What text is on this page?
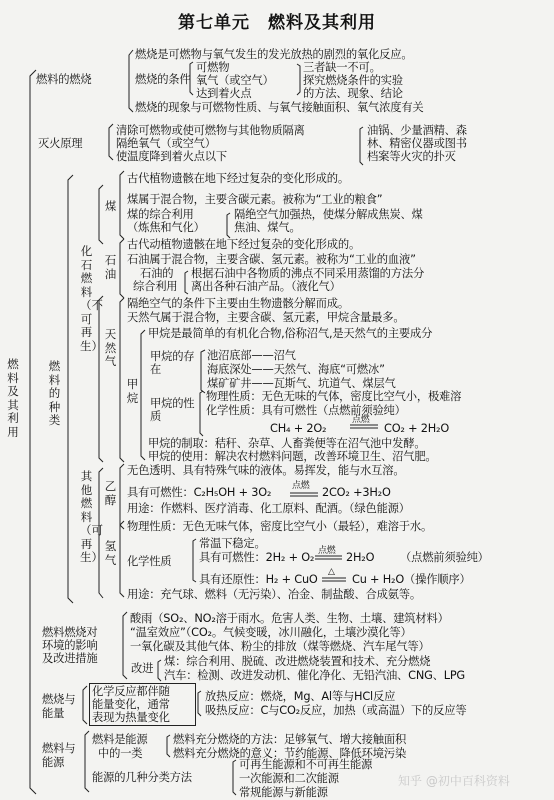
第七单元　燃料及其利用
燃料及其利用
燃料的燃烧
燃烧是可燃物与氧气发生的发光放热的剧烈的氧化反应。
燃烧的条件
可燃物
氧气（或空气）
达到着火点
三者缺一不可。
探究燃烧条件的实验
的方法、现象、结论
燃烧的现象与可燃物性质、与氧气接触面积、氧气浓度有关
灭火原理
清除可燃物或使可燃物与其他物质隔离
隔绝氧气（或空气）
使温度降到着火点以下
油锅、少量酒精、森
林、精密仪器或图书
档案等火灾的扑灭
燃料的种类
化石燃料（不可再生）
煤
古代植物遗骸在地下经过复杂的变化形成的。
煤属于混合物，主要含碳元素。被称为“工业的粮食”
煤的综合利用
（炼焦和气化）
隔绝空气加强热，使煤分解成焦炭、煤
焦油、煤气。
石油
古代动植物遗骸在地下经过复杂的变化形成的。
石油属于混合物，主要含碳、氢元素。被称为“工业的血液”
石油的
综合利用
根据石油中各物质的沸点不同采用蒸馏的方法分
离出各种石油产品。（液化气）
天然气
隔绝空气的条件下主要由生物遗骸分解而成。
天然气属于混合物，主要含碳、氢元素，甲烷含量最多。
甲烷
甲烷是最简单的有机化合物,俗称沼气,是天然气的主要成分
甲烷的存在
池沼底部——沼气
海底深处——天然气、海底“可燃冰”
煤矿矿井——瓦斯气、坑道气、煤层气
甲烷的性质
物理性质：无色无味的气体，密度比空气小，极难溶
化学性质：具有可燃性（点燃前须验纯）
CH₄ + 2O₂
点燃
CO₂ + 2H₂O
甲烷的制取：秸秆、杂草、人畜粪便等在沼气池中发酵。
甲烷的使用：解决农村燃料问题，改善环境卫生、沼气肥。
其他燃料（可再生）
乙醇
无色透明、具有特殊气味的液体。易挥发，能与水互溶。
具有可燃性：C₂H₅OH + 3O₂ 点燃 2CO₂ +3H₂O
用途：作燃料、医疗消毒、化工原料、配酒。（绿色能源）
氢气
物理性质：无色无味气体，密度比空气小（最轻），难溶于水。
化学性质
常温下稳定。
具有可燃性：2H₂ + O₂ 点燃 2H₂O （点燃前须验纯）
具有还原性：H₂ + CuO
△
Cu + H₂O（操作顺序）
用途：充气球、燃料（无污染）、冶金、制盐酸、合成氨等。
燃料燃烧对
环境的影响
及改进措施
酸雨（SO₂、NO₂溶于雨水。危害人类、生物、土壤、建筑材料）
“温室效应”（CO₂。气候变暖，冰川融化，土壤沙漠化等）
一氧化碳及其他气体、粉尘的排放（煤等燃烧、汽车尾气等）
改进
煤：综合利用、脱硫、改进燃烧装置和技术、充分燃烧
汽车：检测、改进发动机、催化净化、无铅汽油、CNG、LPG
燃烧与
能量
化学反应都伴随
能量变化，通常
表现为热量变化
放热反应：燃烧，Mg、Al等与HCl反应
吸热反应：C与CO₂反应，加热（或高温）下的反应等
燃料与
能源
燃料是能源
中的一类
燃料充分燃烧的方法：足够氧气、增大接触面积
燃料充分燃烧的意义：节约能源、降低环境污染
能源的几种分类方法
可再生能源和不可再生能源
一次能源和二次能源
常规能源与新能源
知乎 @初中百科资料
